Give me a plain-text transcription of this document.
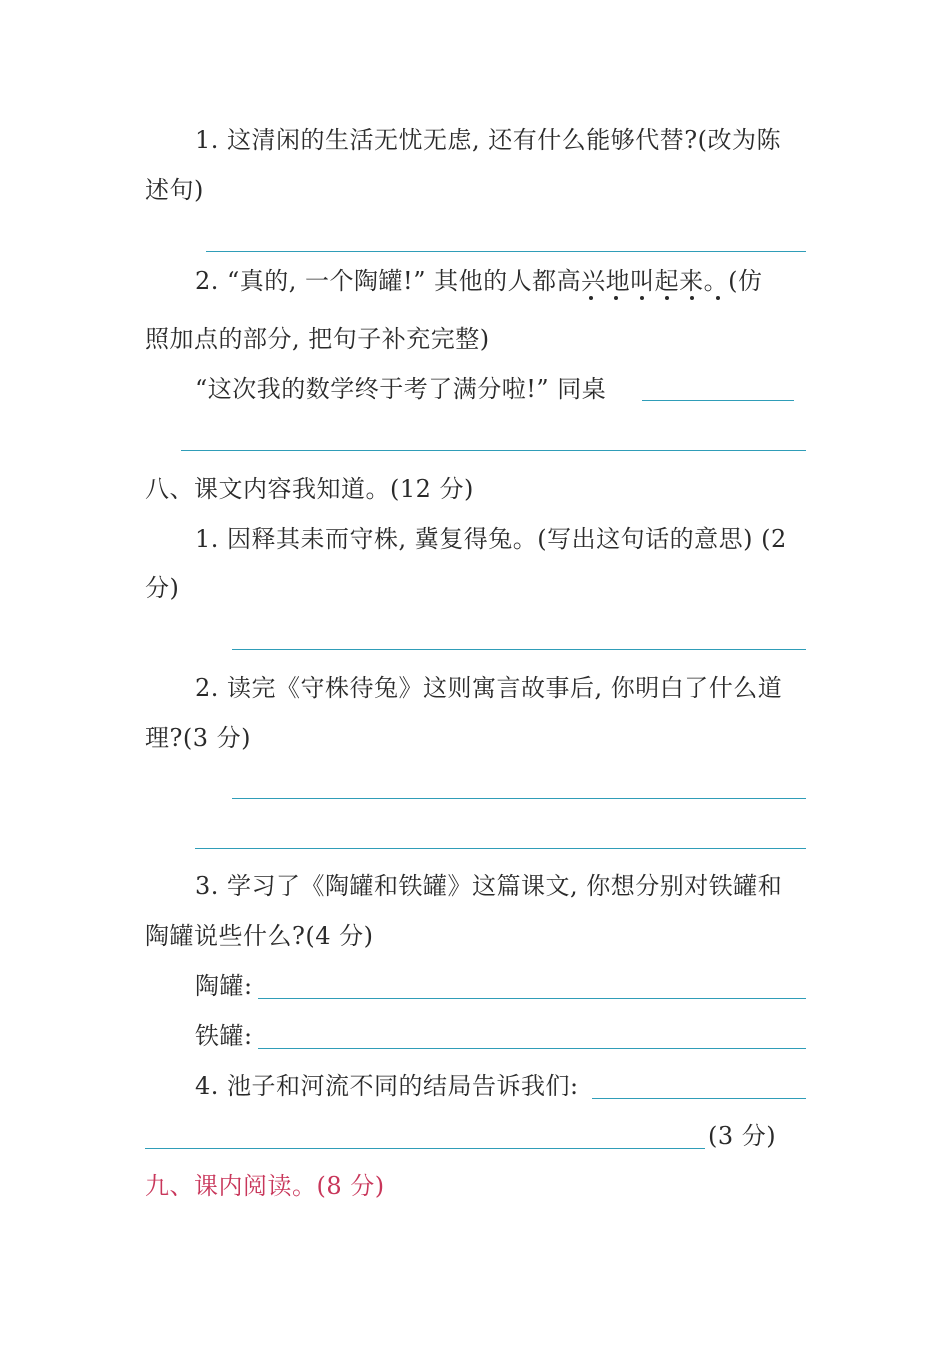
1. 这清闲的生活无忧无虑, 还有什么能够代替?(改为陈
述句)
2. “真的, 一个陶罐!” 其他的人都高兴地叫起来。(仿
照加点的部分, 把句子补充完整)
“这次我的数学终于考了满分啦!” 同桌
八、课文内容我知道。(12 分)
1. 因释其耒而守株, 冀复得兔。(写出这句话的意思) (2
分)
2. 读完《守株待兔》这则寓言故事后, 你明白了什么道
理?(3 分)
3. 学习了《陶罐和铁罐》这篇课文, 你想分别对铁罐和
陶罐说些什么?(4 分)
陶罐:
铁罐:
4. 池子和河流不同的结局告诉我们:
(3 分)
九、课内阅读。(8 分)
